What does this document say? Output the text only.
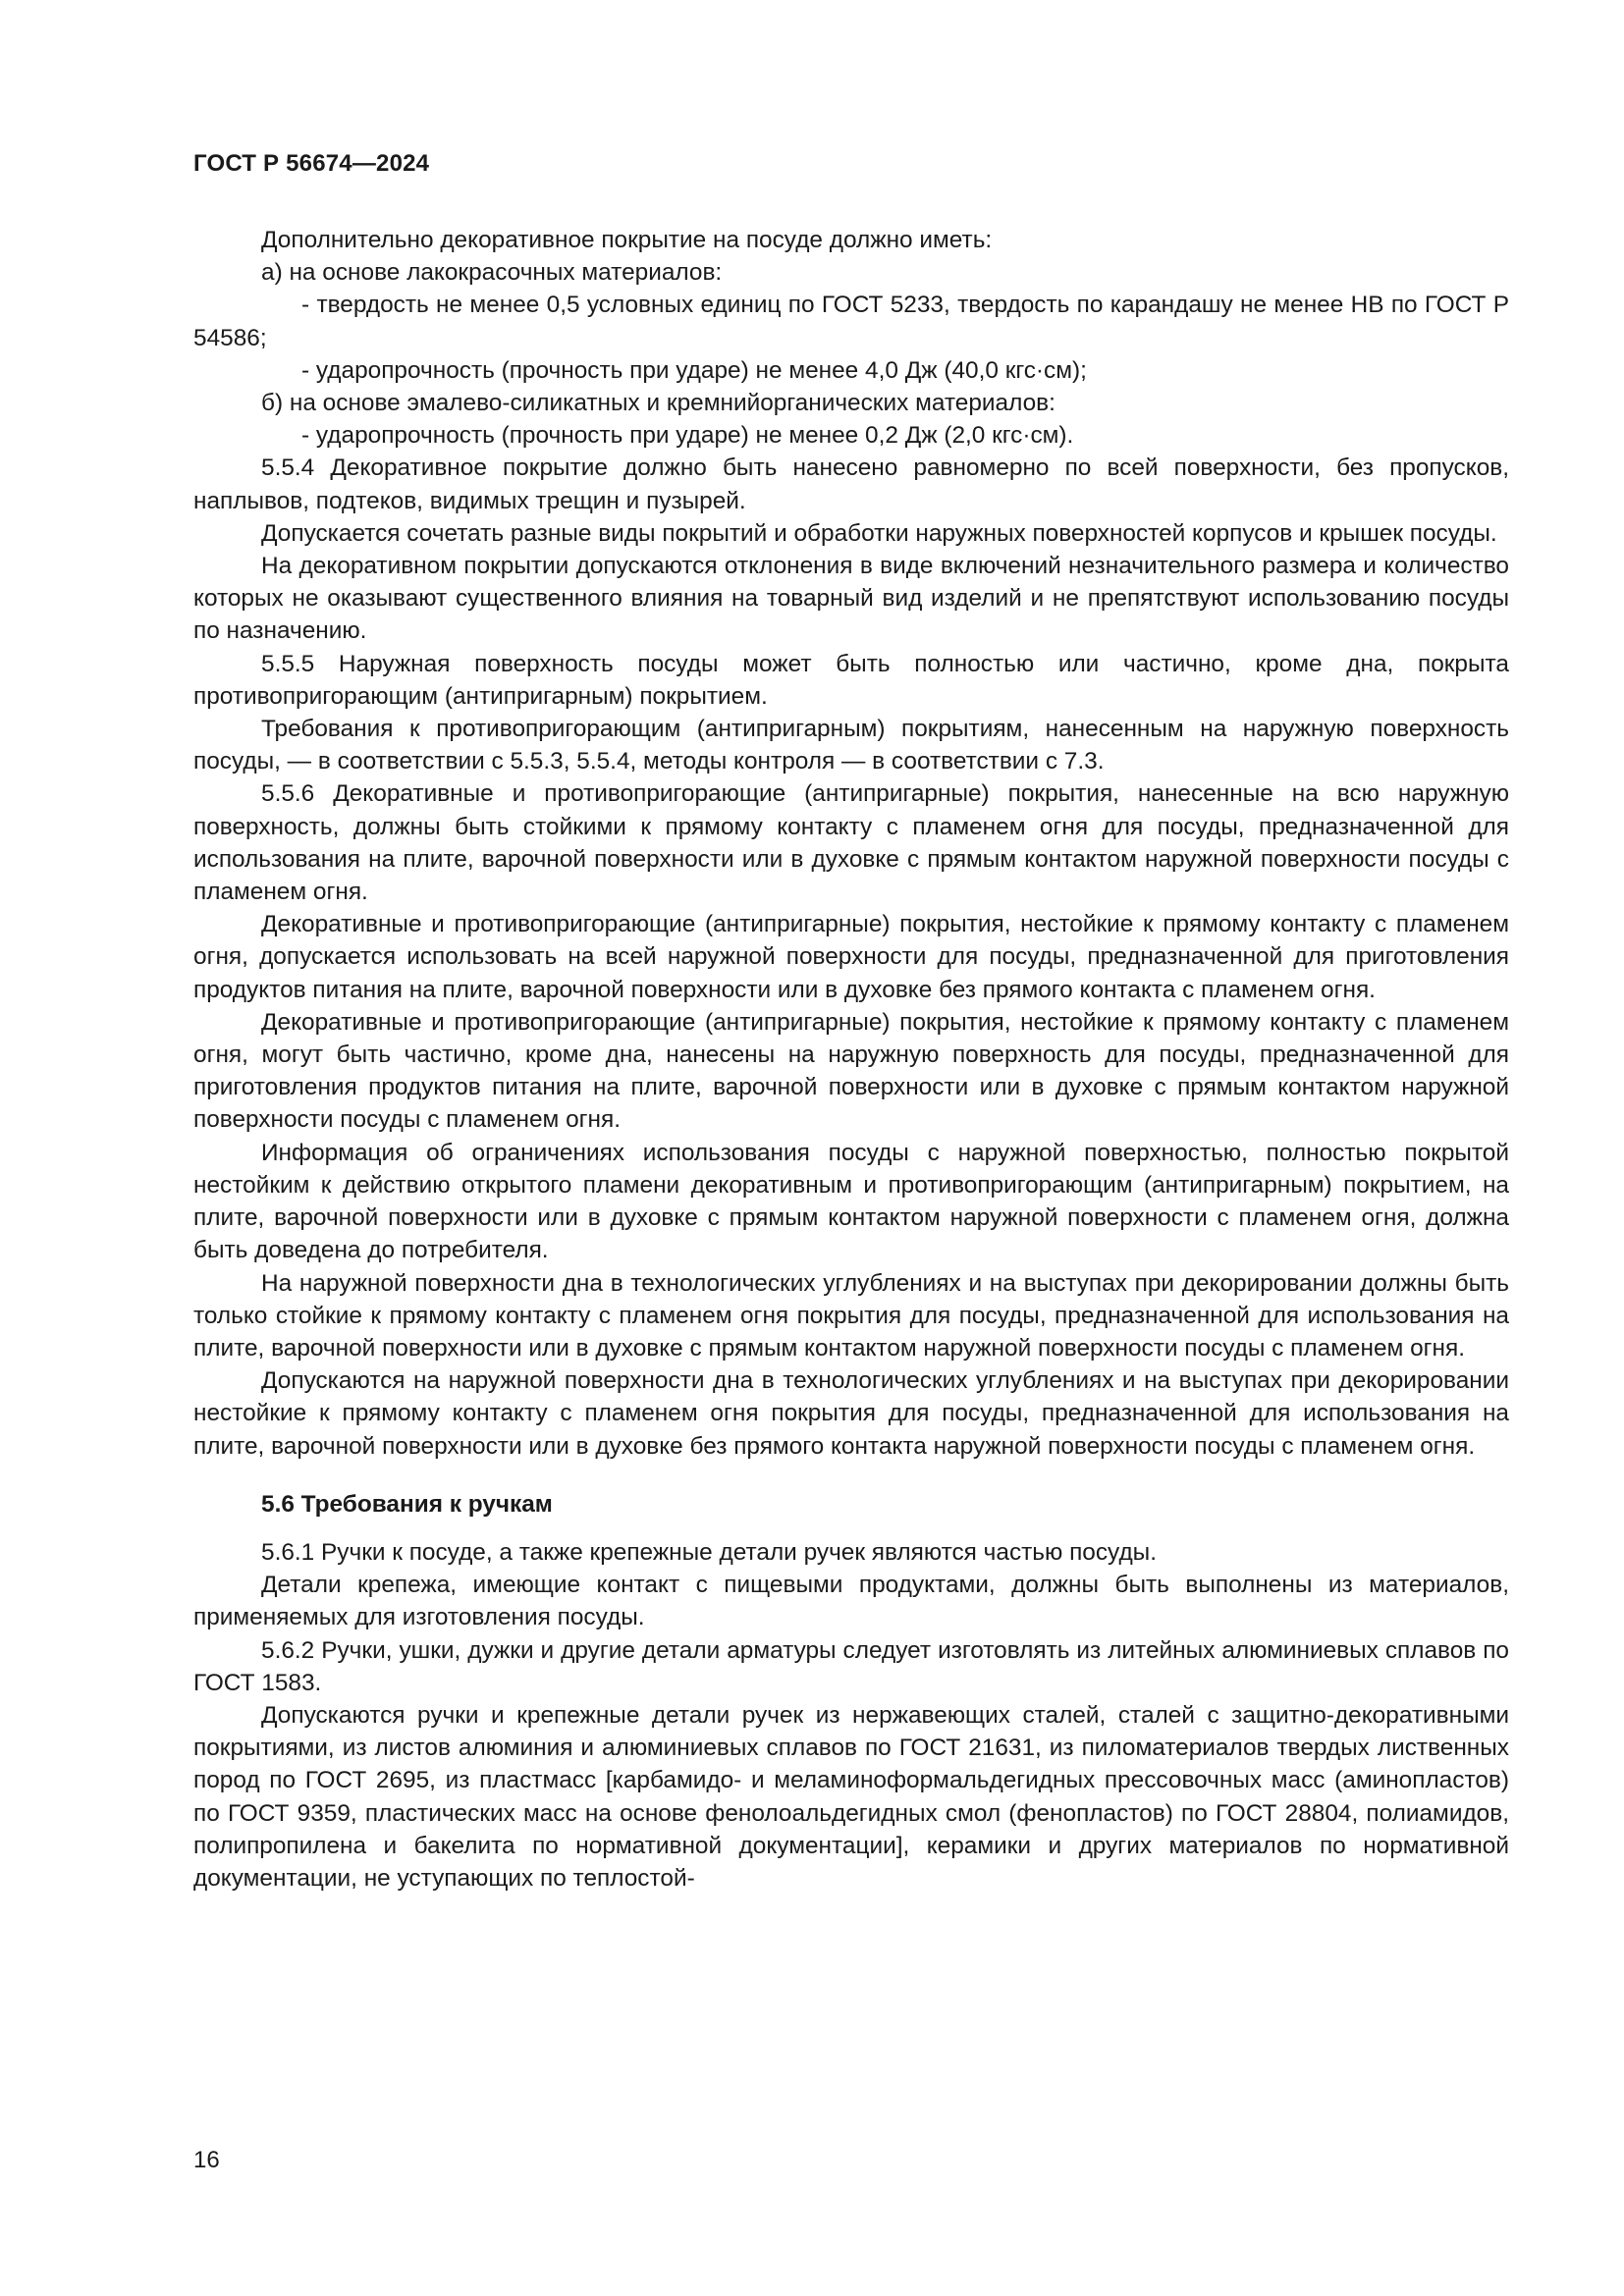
ГОСТ Р 56674—2024

Дополнительно декоративное покрытие на посуде должно иметь:

а) на основе лакокрасочных материалов:

- твердость не менее 0,5 условных единиц по ГОСТ 5233, твердость по карандашу не менее НВ по ГОСТ Р 54586;

- ударопрочность (прочность при ударе) не менее 4,0 Дж (40,0 кгс·см);

б) на основе эмалево-силикатных и кремнийорганических материалов:

- ударопрочность (прочность при ударе) не менее 0,2 Дж (2,0 кгс·см).

5.5.4 Декоративное покрытие должно быть нанесено равномерно по всей поверхности, без пропусков, наплывов, подтеков, видимых трещин и пузырей.

Допускается сочетать разные виды покрытий и обработки наружных поверхностей корпусов и крышек посуды.

На декоративном покрытии допускаются отклонения в виде включений незначительного размера и количество которых не оказывают существенного влияния на товарный вид изделий и не препятствуют использованию посуды по назначению.

5.5.5 Наружная поверхность посуды может быть полностью или частично, кроме дна, покрыта противопригорающим (антипригарным) покрытием.

Требования к противопригорающим (антипригарным) покрытиям, нанесенным на наружную поверхность посуды, — в соответствии с 5.5.3, 5.5.4, методы контроля — в соответствии с 7.3.

5.5.6 Декоративные и противопригорающие (антипригарные) покрытия, нанесенные на всю наружную поверхность, должны быть стойкими к прямому контакту с пламенем огня для посуды, предназначенной для использования на плите, варочной поверхности или в духовке с прямым контактом наружной поверхности посуды с пламенем огня.

Декоративные и противопригорающие (антипригарные) покрытия, нестойкие к прямому контакту с пламенем огня, допускается использовать на всей наружной поверхности для посуды, предназначенной для приготовления продуктов питания на плите, варочной поверхности или в духовке без прямого контакта с пламенем огня.

Декоративные и противопригорающие (антипригарные) покрытия, нестойкие к прямому контакту с пламенем огня, могут быть частично, кроме дна, нанесены на наружную поверхность для посуды, предназначенной для приготовления продуктов питания на плите, варочной поверхности или в духовке с прямым контактом наружной поверхности посуды с пламенем огня.

Информация об ограничениях использования посуды с наружной поверхностью, полностью покрытой нестойким к действию открытого пламени декоративным и противопригорающим (антипригарным) покрытием, на плите, варочной поверхности или в духовке с прямым контактом наружной поверхности с пламенем огня, должна быть доведена до потребителя.

На наружной поверхности дна в технологических углублениях и на выступах при декорировании должны быть только стойкие к прямому контакту с пламенем огня покрытия для посуды, предназначенной для использования на плите, варочной поверхности или в духовке с прямым контактом наружной поверхности посуды с пламенем огня.

Допускаются на наружной поверхности дна в технологических углублениях и на выступах при декорировании нестойкие к прямому контакту с пламенем огня покрытия для посуды, предназначенной для использования на плите, варочной поверхности или в духовке без прямого контакта наружной поверхности посуды с пламенем огня.

5.6 Требования к ручкам

5.6.1 Ручки к посуде, а также крепежные детали ручек являются частью посуды.

Детали крепежа, имеющие контакт с пищевыми продуктами, должны быть выполнены из материалов, применяемых для изготовления посуды.

5.6.2 Ручки, ушки, дужки и другие детали арматуры следует изготовлять из литейных алюминиевых сплавов по ГОСТ 1583.

Допускаются ручки и крепежные детали ручек из нержавеющих сталей, сталей с защитно-декоративными покрытиями, из листов алюминия и алюминиевых сплавов по ГОСТ 21631, из пиломатериалов твердых лиственных пород по ГОСТ 2695, из пластмасс [карбамидо- и меламиноформальдегидных прессовочных масс (аминопластов) по ГОСТ 9359, пластических масс на основе фенолоальдегидных смол (фенопластов) по ГОСТ 28804, полиамидов, полипропилена и бакелита по нормативной документации], керамики и других материалов по нормативной документации, не уступающих по теплостой-

16
